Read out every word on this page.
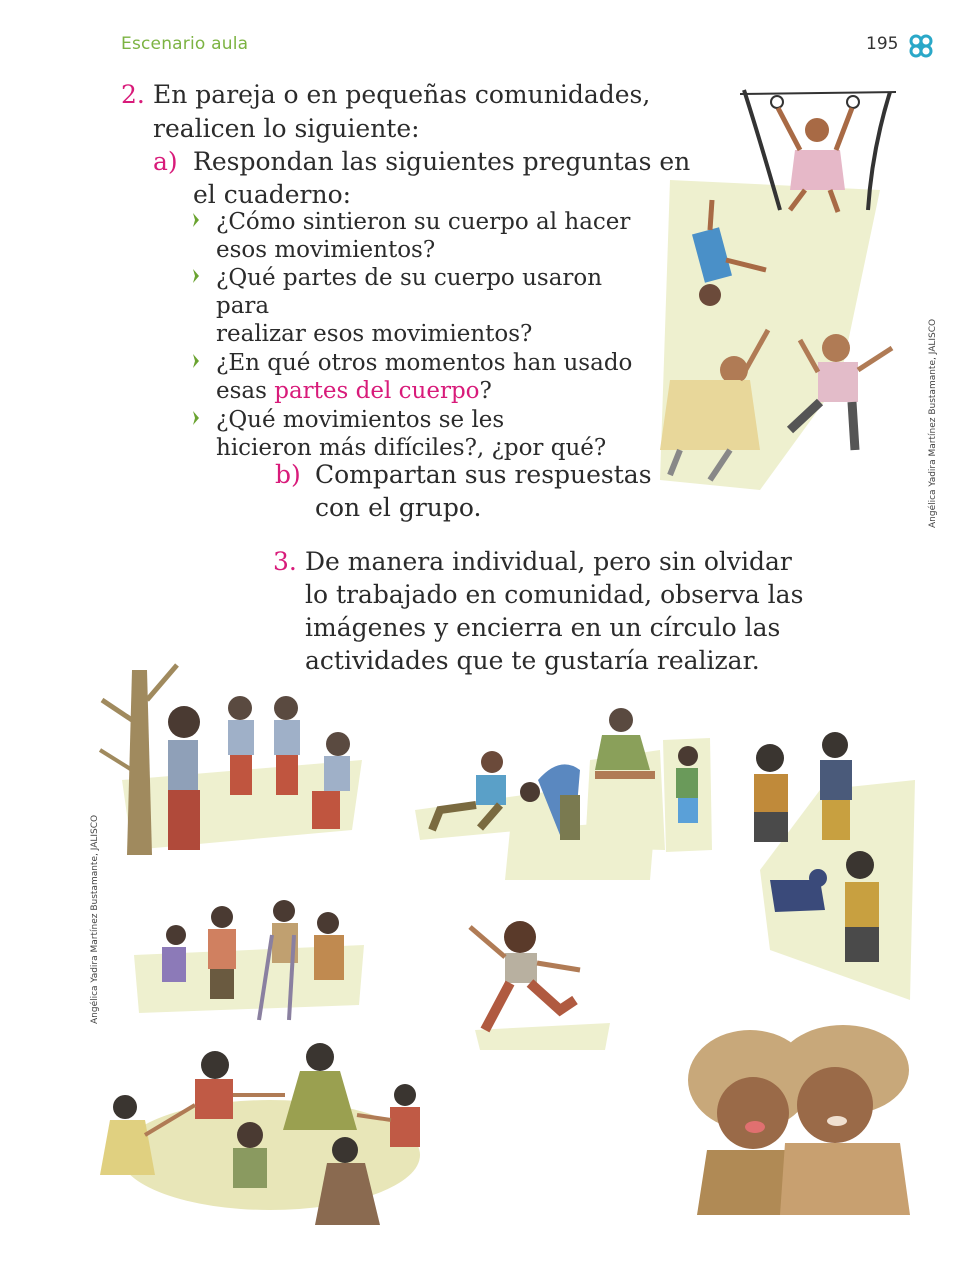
Escenario aula	195
2. En pareja o en pequeñas comunidades,
realicen lo siguiente:
a) Respondan las siguientes preguntas en
el cuaderno:
¿Cómo sintieron su cuerpo al hacer
esos movimientos?
¿Qué partes de su cuerpo usaron para
realizar esos movimientos?
¿En qué otros momentos han usado
esas partes del cuerpo?
¿Qué movimientos se les
hicieron más difíciles?, ¿por qué?
b) Compartan sus respuestas
con el grupo.
3. De manera individual, pero sin olvidar
lo trabajado en comunidad, observa las
imágenes y encierra en un círculo las
actividades que te gustaría realizar.
Angélica Yadira Martínez Bustamante, JALISCO
Angélica Yadira Martínez Bustamante, JALISCO
